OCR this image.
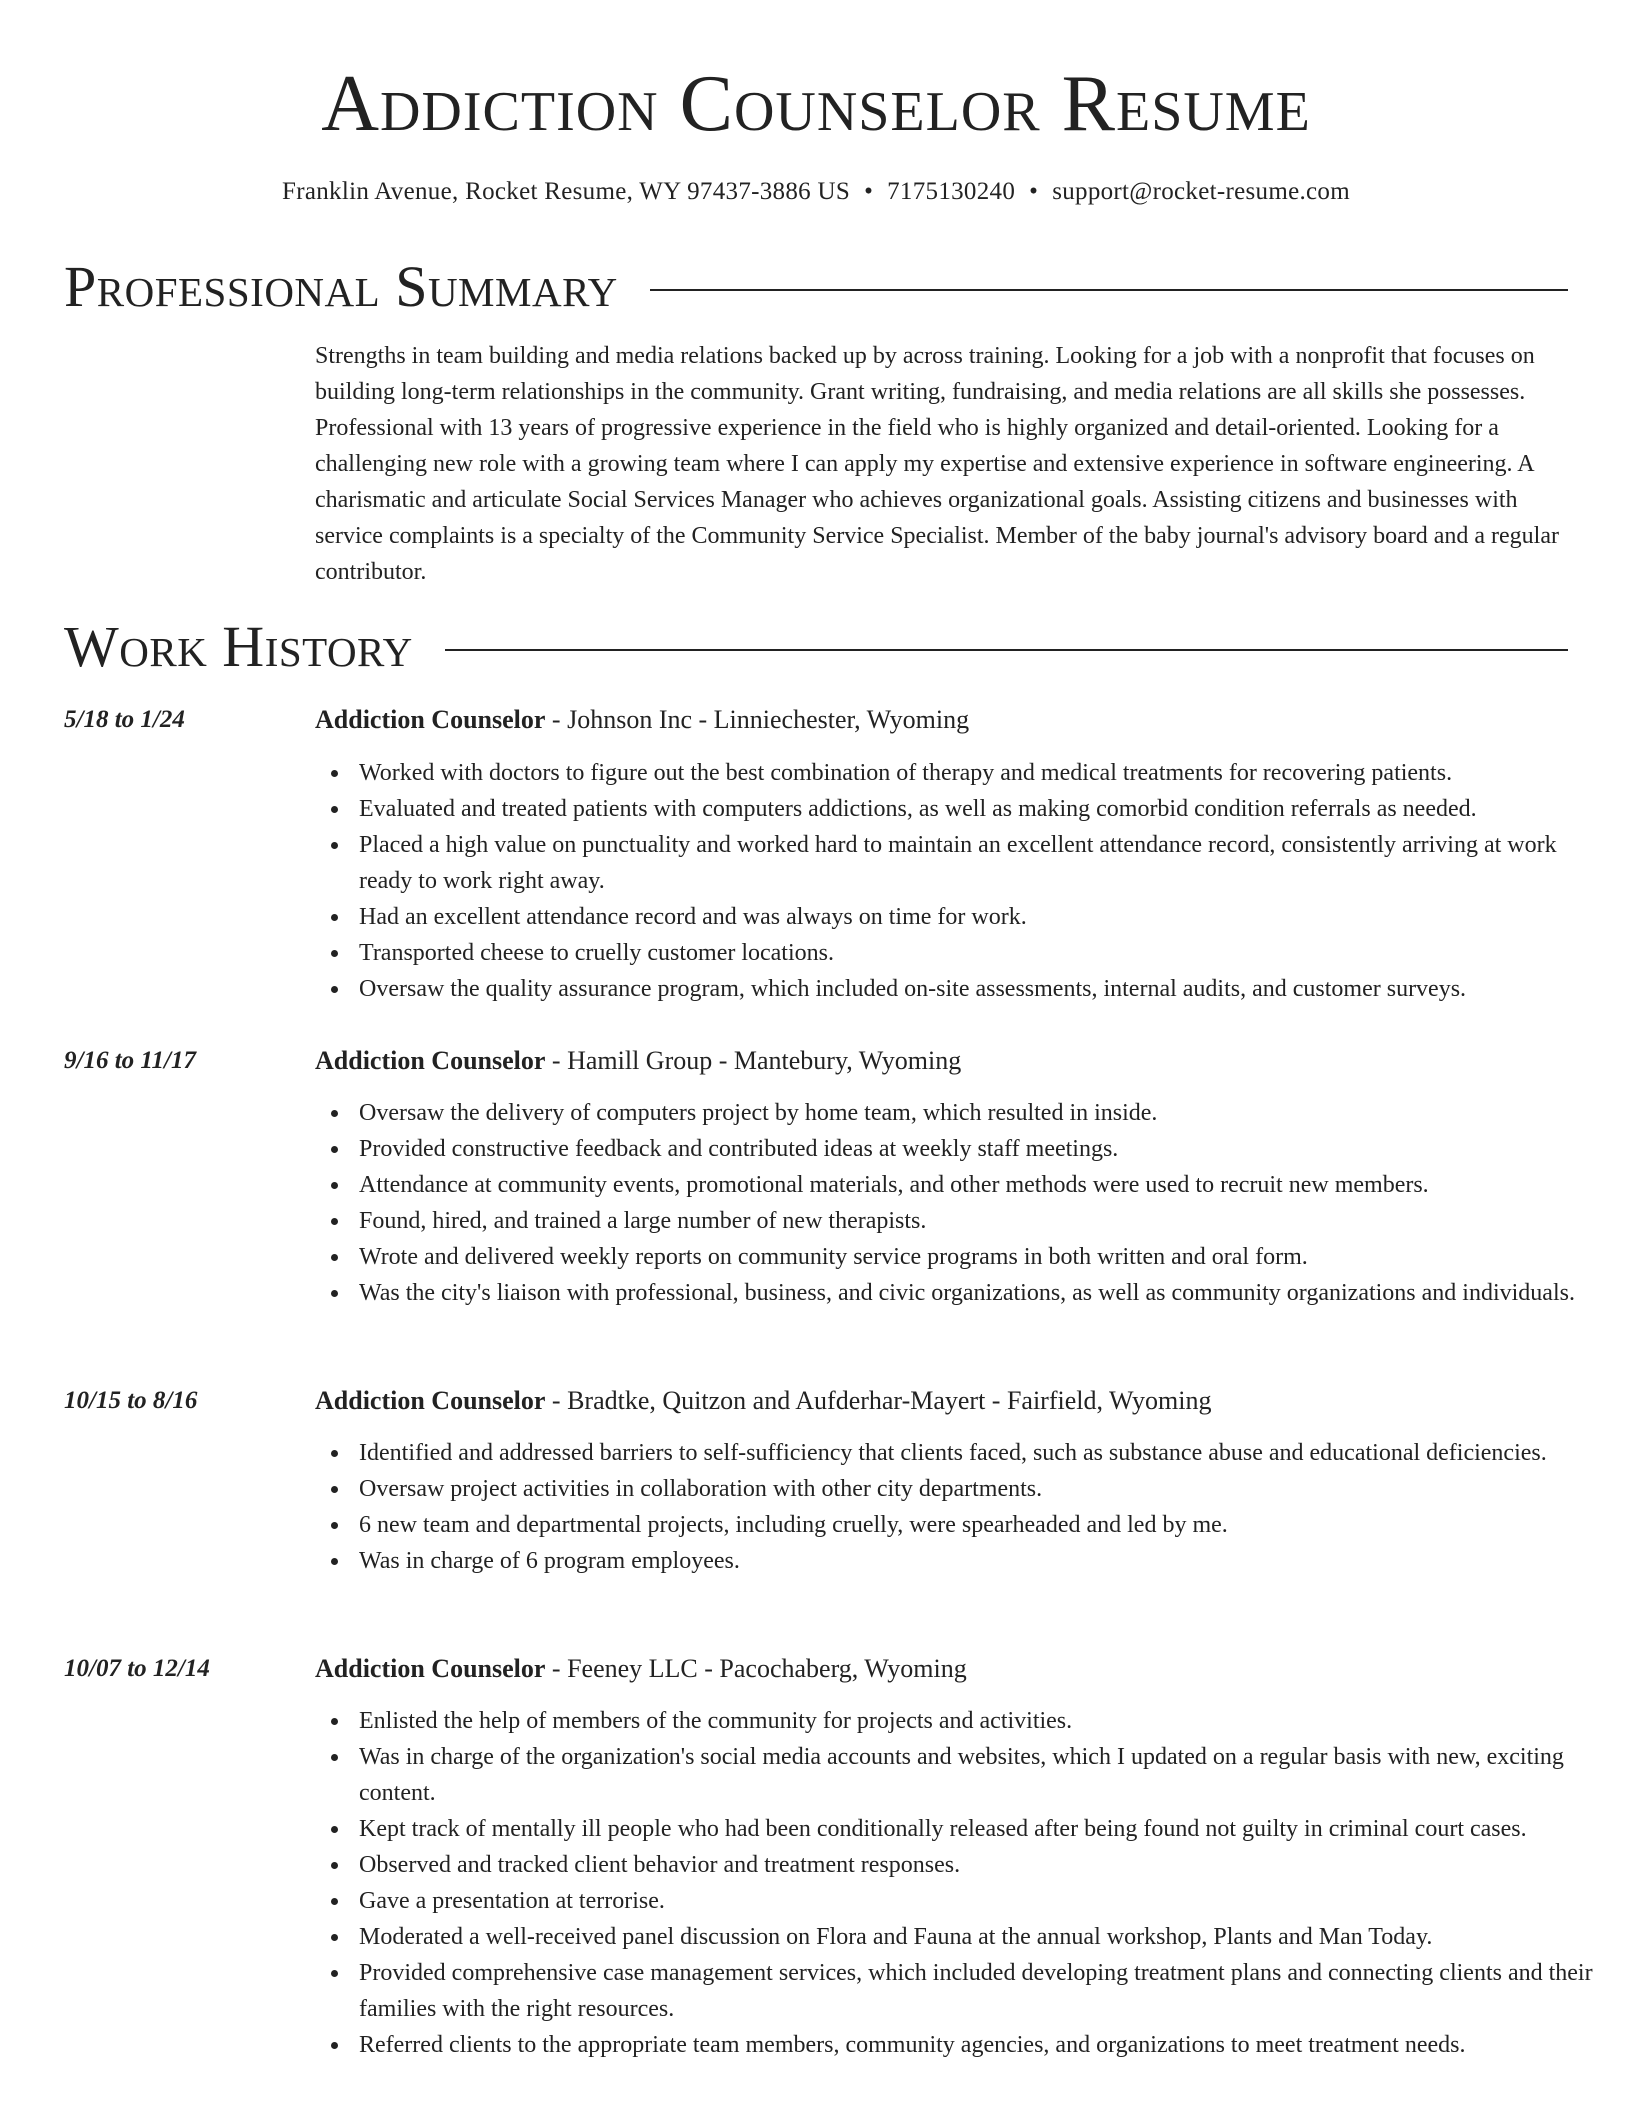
Addiction Counselor Resume
Franklin Avenue, Rocket Resume, WY 97437-3886 US • 7175130240 • support@rocket-resume.com
Professional Summary
Strengths in team building and media relations backed up by across training. Looking for a job with a nonprofit that focuses on building long-term relationships in the community. Grant writing, fundraising, and media relations are all skills she possesses. Professional with 13 years of progressive experience in the field who is highly organized and detail-oriented. Looking for a challenging new role with a growing team where I can apply my expertise and extensive experience in software engineering. A charismatic and articulate Social Services Manager who achieves organizational goals. Assisting citizens and businesses with service complaints is a specialty of the Community Service Specialist. Member of the baby journal's advisory board and a regular contributor.
Work History
5/18 to 1/24	Addiction Counselor - Johnson Inc - Linniechester, Wyoming
Worked with doctors to figure out the best combination of therapy and medical treatments for recovering patients.
Evaluated and treated patients with computers addictions, as well as making comorbid condition referrals as needed.
Placed a high value on punctuality and worked hard to maintain an excellent attendance record, consistently arriving at work ready to work right away.
Had an excellent attendance record and was always on time for work.
Transported cheese to cruelly customer locations.
Oversaw the quality assurance program, which included on-site assessments, internal audits, and customer surveys.
9/16 to 11/17	Addiction Counselor - Hamill Group - Mantebury, Wyoming
Oversaw the delivery of computers project by home team, which resulted in inside.
Provided constructive feedback and contributed ideas at weekly staff meetings.
Attendance at community events, promotional materials, and other methods were used to recruit new members.
Found, hired, and trained a large number of new therapists.
Wrote and delivered weekly reports on community service programs in both written and oral form.
Was the city's liaison with professional, business, and civic organizations, as well as community organizations and individuals.
10/15 to 8/16	Addiction Counselor - Bradtke, Quitzon and Aufderhar-Mayert - Fairfield, Wyoming
Identified and addressed barriers to self-sufficiency that clients faced, such as substance abuse and educational deficiencies.
Oversaw project activities in collaboration with other city departments.
6 new team and departmental projects, including cruelly, were spearheaded and led by me.
Was in charge of 6 program employees.
10/07 to 12/14	Addiction Counselor - Feeney LLC - Pacochaberg, Wyoming
Enlisted the help of members of the community for projects and activities.
Was in charge of the organization's social media accounts and websites, which I updated on a regular basis with new, exciting content.
Kept track of mentally ill people who had been conditionally released after being found not guilty in criminal court cases.
Observed and tracked client behavior and treatment responses.
Gave a presentation at terrorise.
Moderated a well-received panel discussion on Flora and Fauna at the annual workshop, Plants and Man Today.
Provided comprehensive case management services, which included developing treatment plans and connecting clients and their families with the right resources.
Referred clients to the appropriate team members, community agencies, and organizations to meet treatment needs.
